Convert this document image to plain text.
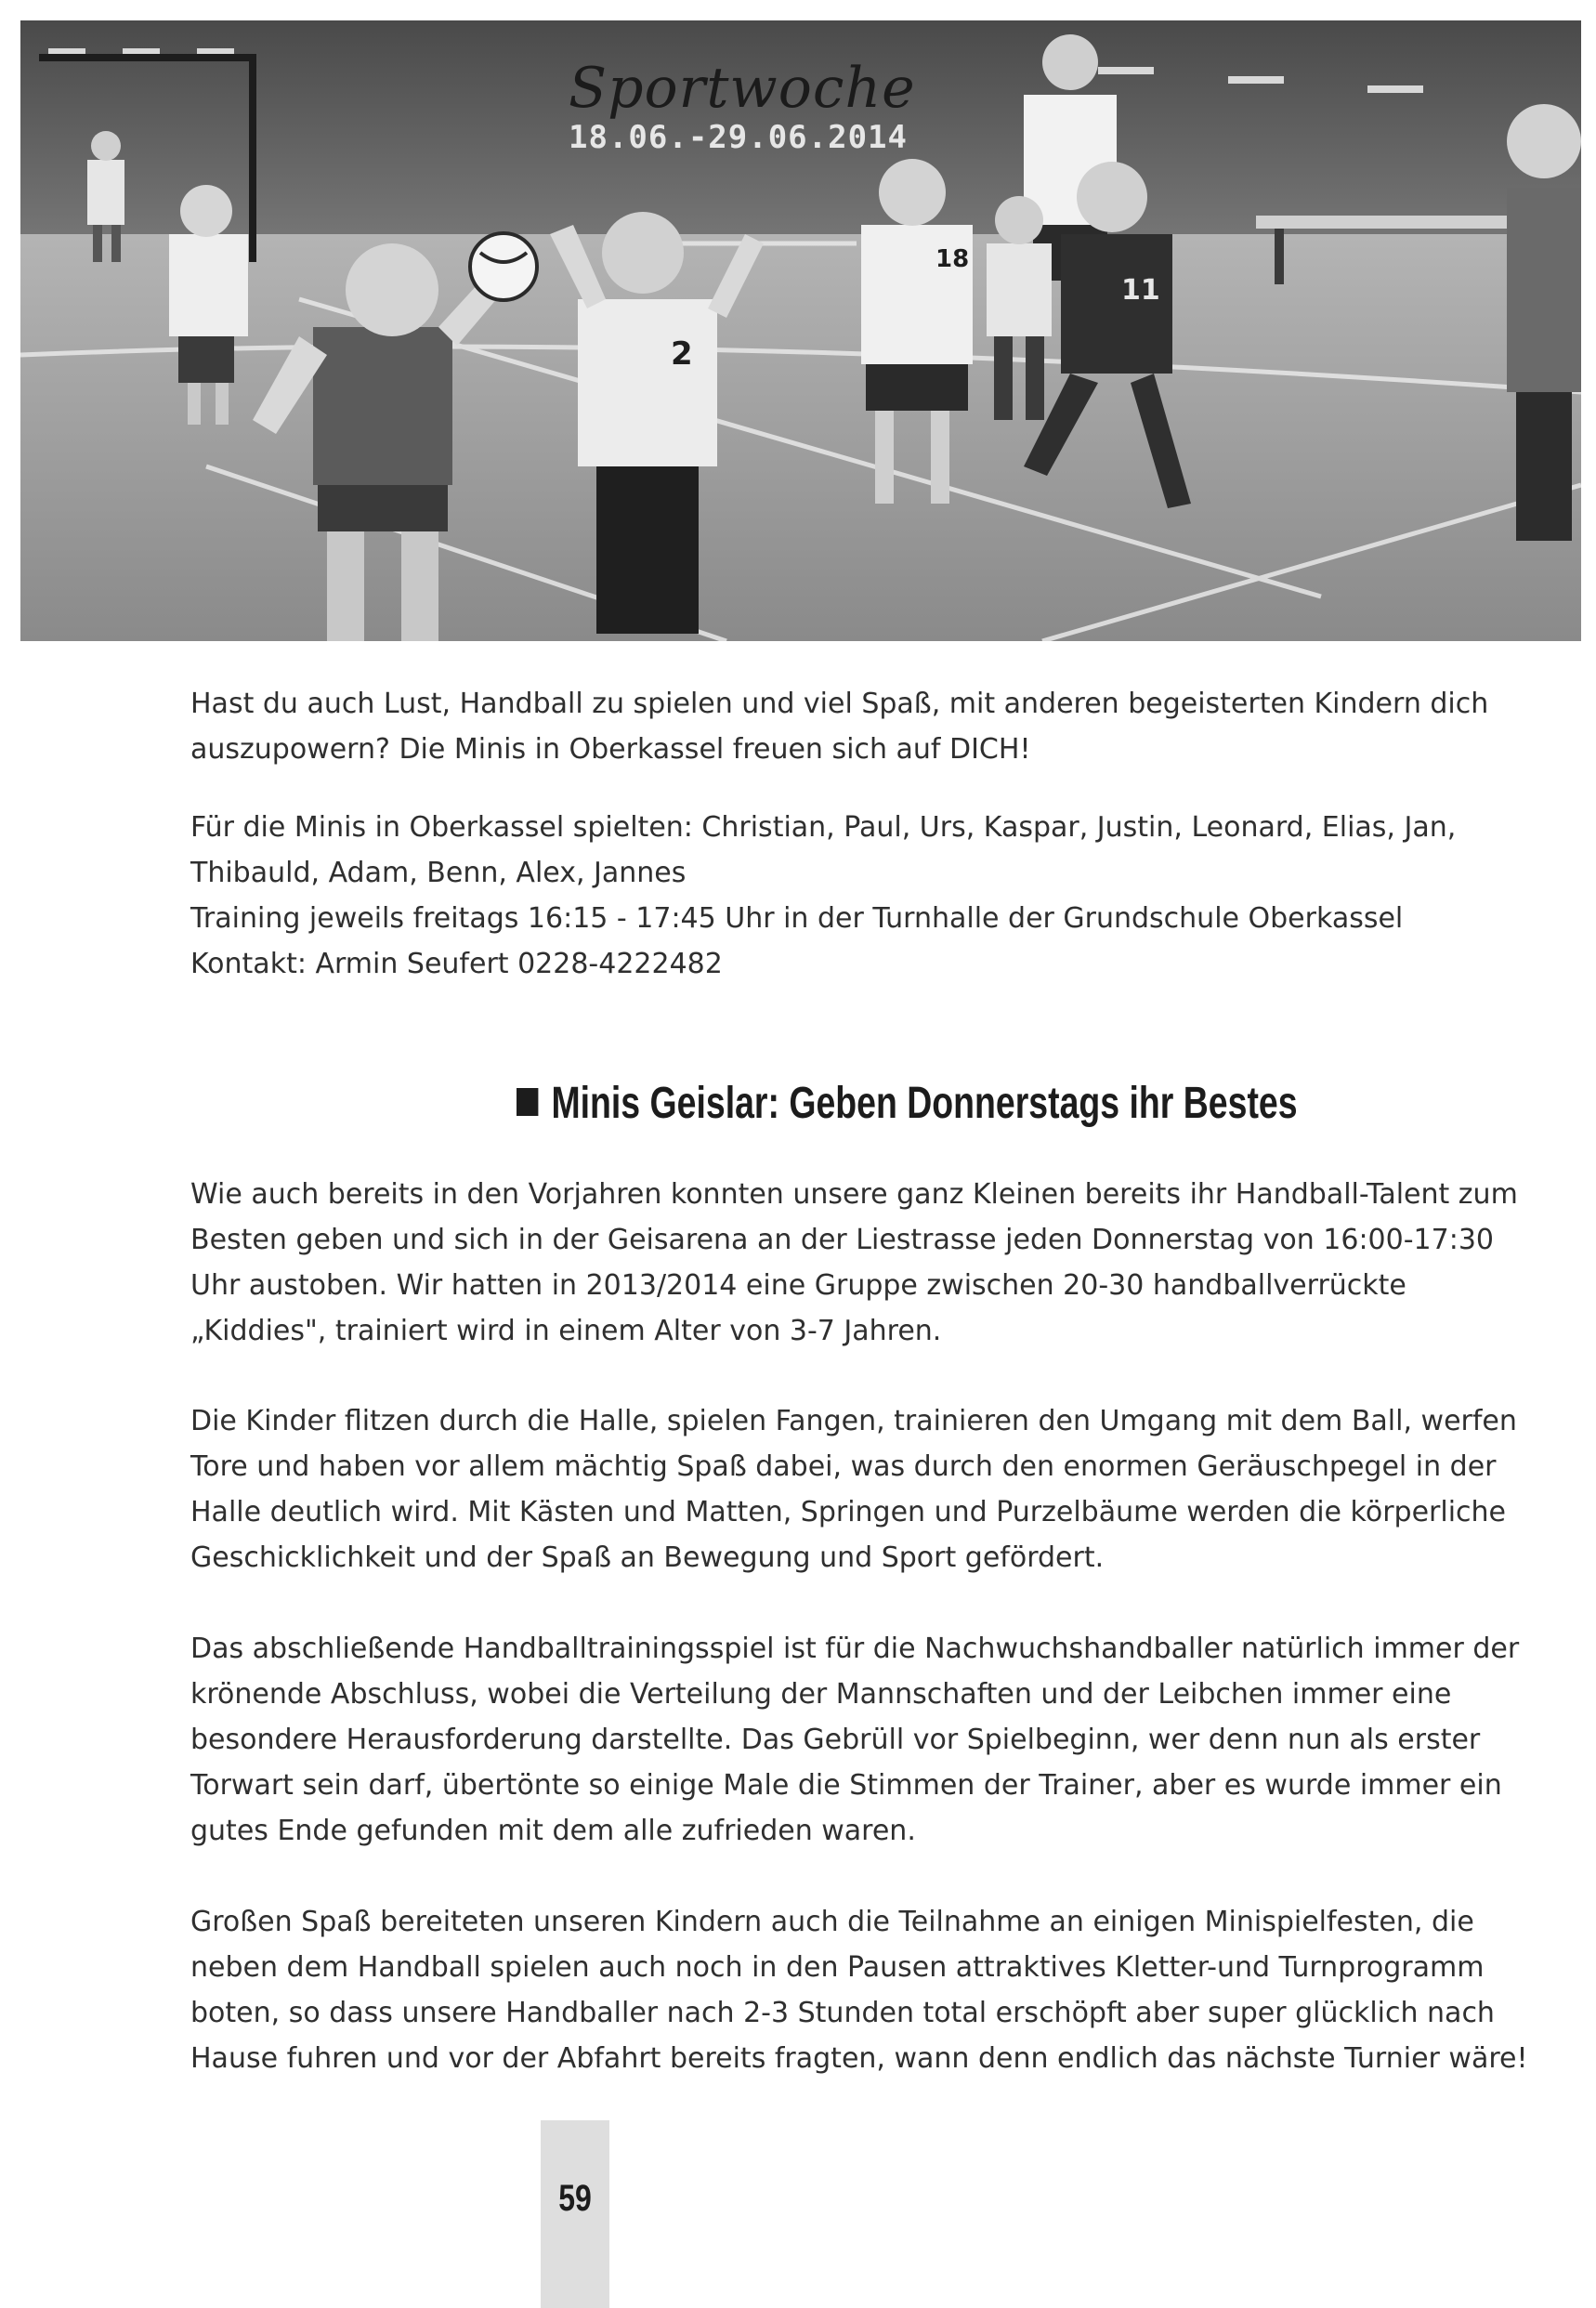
2
18
11
Sportwoche
18.06.-29.06.2014

Hast du auch Lust, Handball zu spielen und viel Spaß, mit anderen begeisterten Kindern dich auszupowern? Die Minis in Oberkassel freuen sich auf DICH!

Für die Minis in Oberkassel spielten: Christian, Paul, Urs, Kaspar, Justin, Leonard, Elias, Jan, Thibauld, Adam, Benn, Alex, Jannes

Training jeweils freitags 16:15 - 17:45 Uhr in der Turnhalle der Grundschule Oberkassel

Kontakt: Armin Seufert 0228-4222482

Minis Geislar: Geben Donnerstags ihr Bestes

Wie auch bereits in den Vorjahren konnten unsere ganz Kleinen bereits ihr Handball-Talent zum Besten geben und sich in der Geisarena an der Liestrasse jeden Donnerstag von 16:00-17:30 Uhr austoben. Wir hatten in 2013/2014 eine Gruppe zwischen 20-30 handballverrückte „Kiddies", trainiert wird in einem Alter von 3-7 Jahren.

Die Kinder flitzen durch die Halle, spielen Fangen, trainieren den Umgang mit dem Ball, werfen Tore und haben vor allem mächtig Spaß dabei, was durch den enormen Geräuschpegel in der Halle deutlich wird. Mit Kästen und Matten, Springen und Purzelbäume werden die körperliche Geschicklichkeit und der Spaß an Bewegung und Sport gefördert.

Das abschließende Handballtrainingsspiel ist für die Nachwuchshandballer natürlich immer der krönende Abschluss, wobei die Verteilung der Mannschaften und der Leibchen immer eine besondere Herausforderung darstellte. Das Gebrüll vor Spielbeginn, wer denn nun als erster Torwart sein darf, übertönte so einige Male die Stimmen der Trainer, aber es wurde immer ein gutes Ende gefunden mit dem alle zufrieden waren.

Großen Spaß bereiteten unseren Kindern auch die Teilnahme an einigen Minispielfesten, die neben dem Handball spielen auch noch in den Pausen attraktives Kletter-und Turnprogramm boten, so dass unsere Handballer nach 2-3 Stunden total erschöpft aber super glücklich nach Hause fuhren und vor der Abfahrt bereits fragten, wann denn endlich das nächste Turnier wäre!

59
